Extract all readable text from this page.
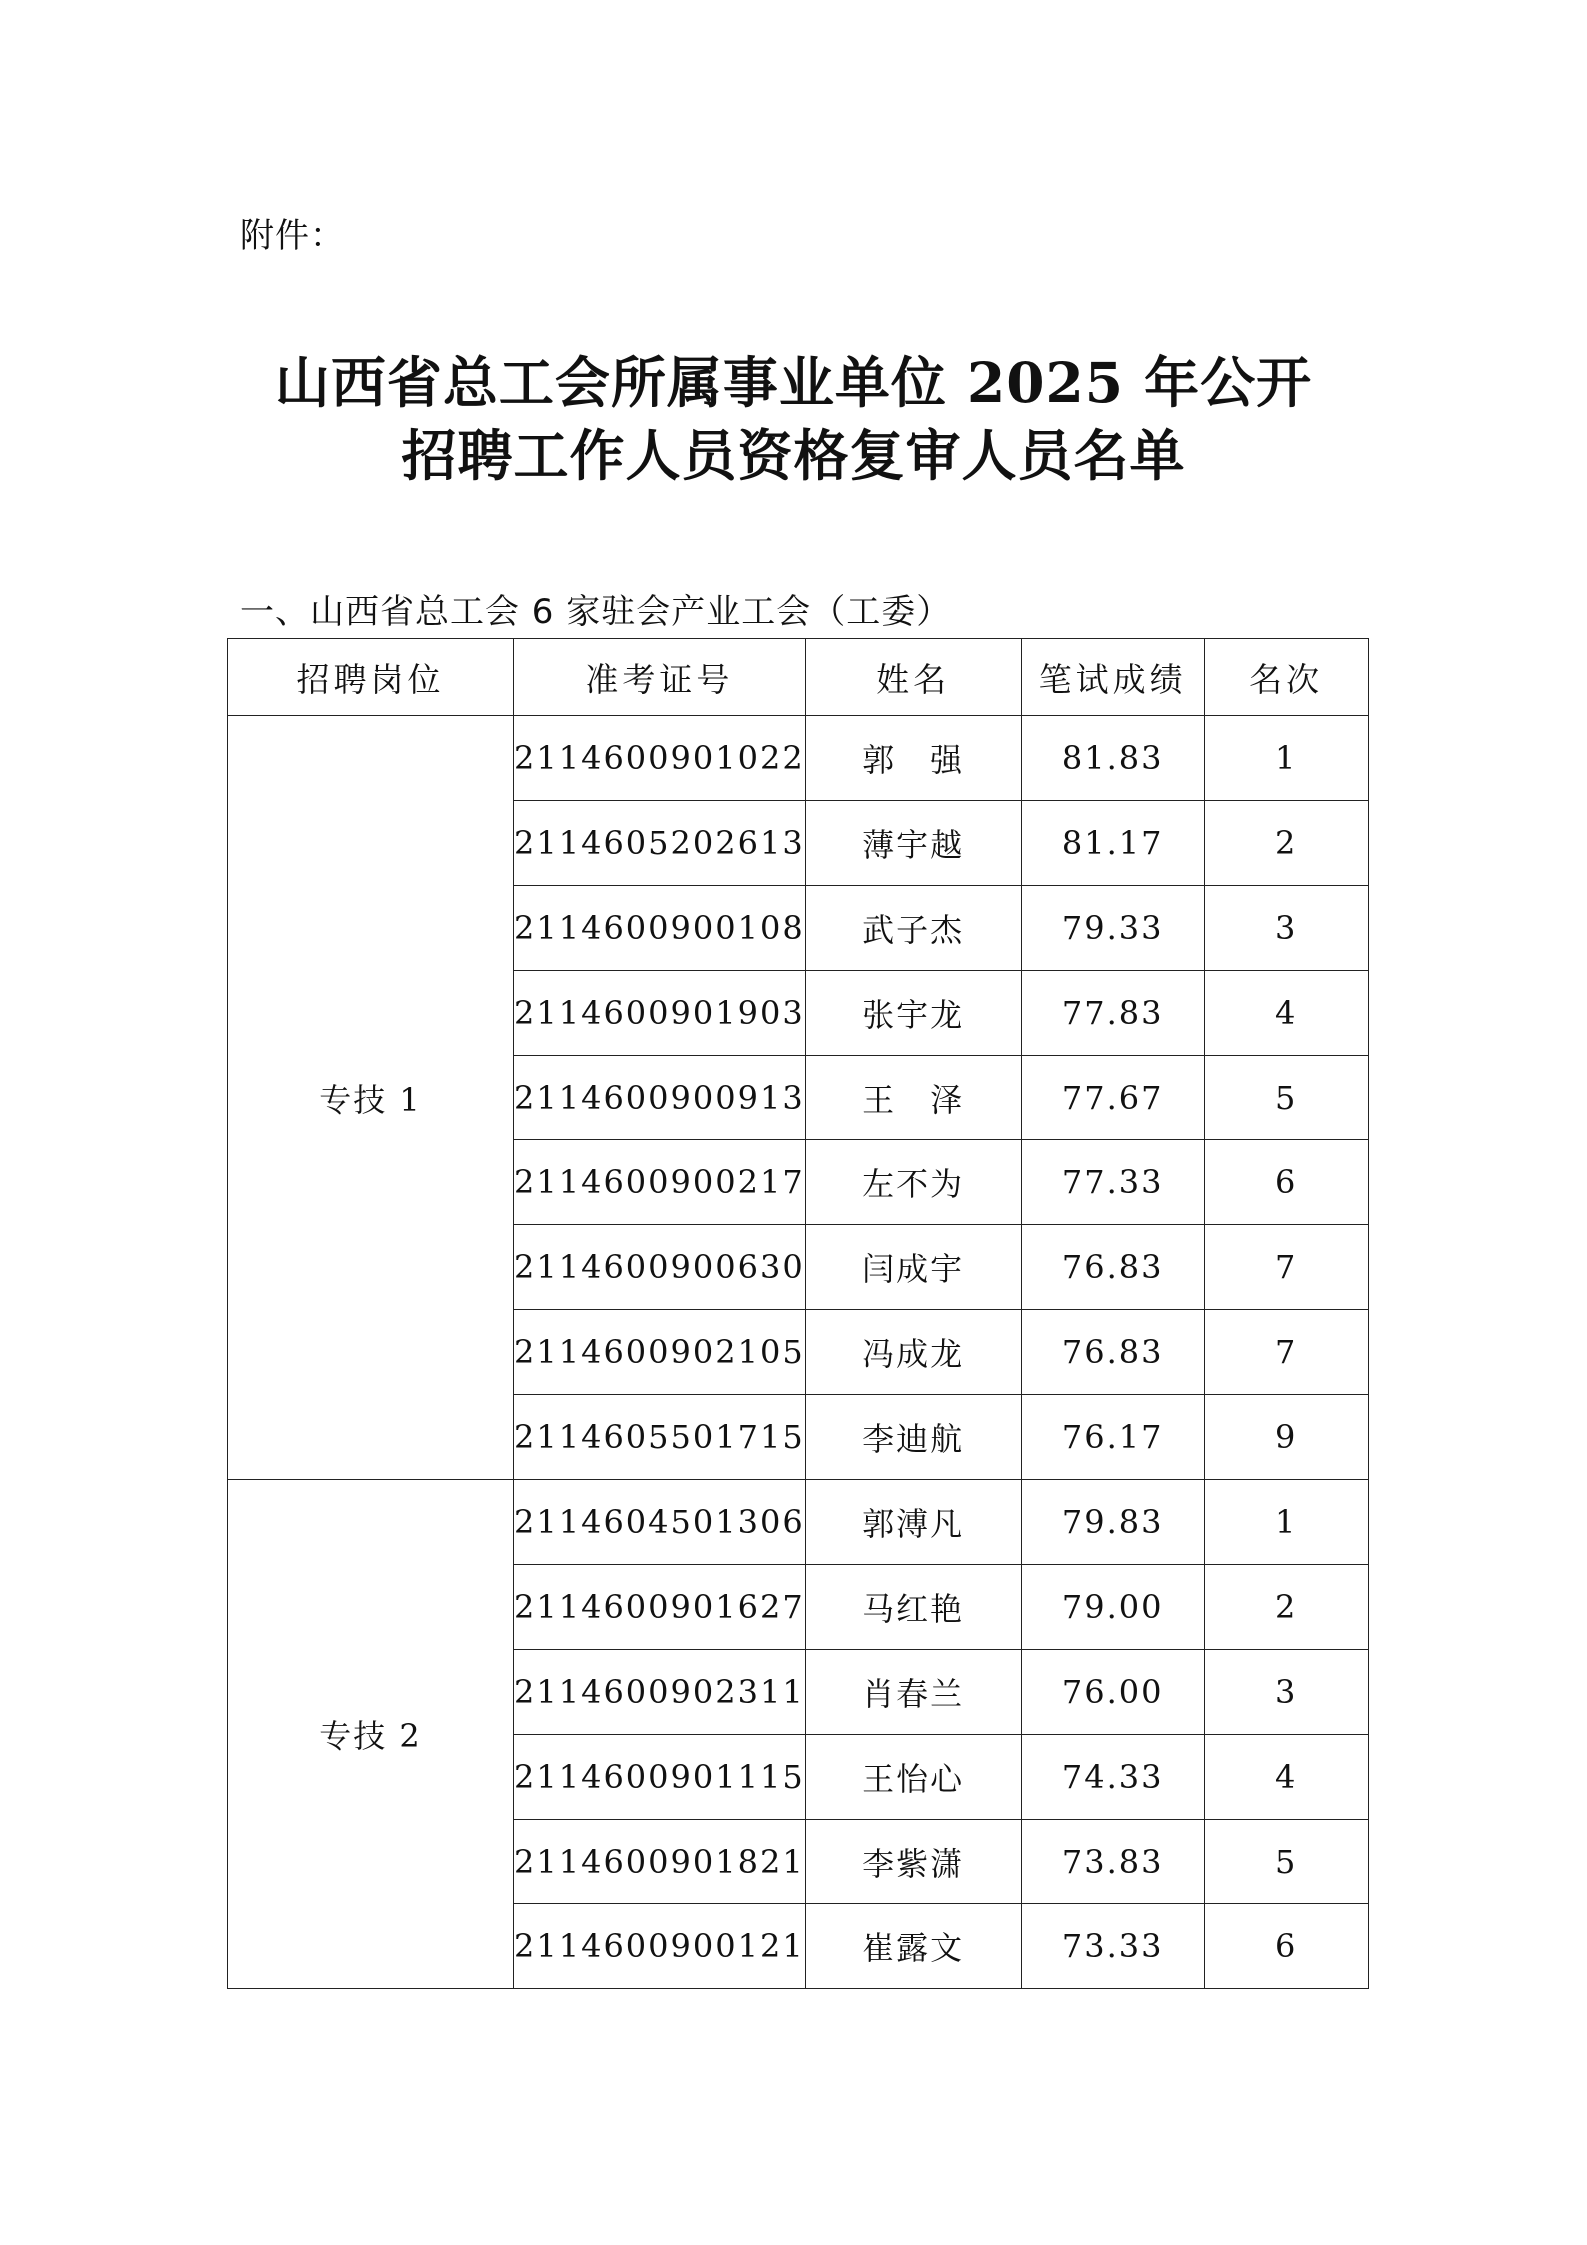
附件：
山西省总工会所属事业单位 2025 年公开
招聘工作人员资格复审人员名单
一、山西省总工会 6 家驻会产业工会（工委）
招聘岗位	准考证号	姓名	笔试成绩	名次
专技 1	2114600901022	郭　强	81.83	1
	2114605202613	薄宇越	81.17	2
	2114600900108	武子杰	79.33	3
	2114600901903	张宇龙	77.83	4
	2114600900913	王　泽	77.67	5
	2114600900217	左不为	77.33	6
	2114600900630	闫成宇	76.83	7
	2114600902105	冯成龙	76.83	7
	2114605501715	李迪航	76.17	9
专技 2	2114604501306	郭溥凡	79.83	1
	2114600901627	马红艳	79.00	2
	2114600902311	肖春兰	76.00	3
	2114600901115	王怡心	74.33	4
	2114600901821	李紫潇	73.83	5
	2114600900121	崔露文	73.33	6
